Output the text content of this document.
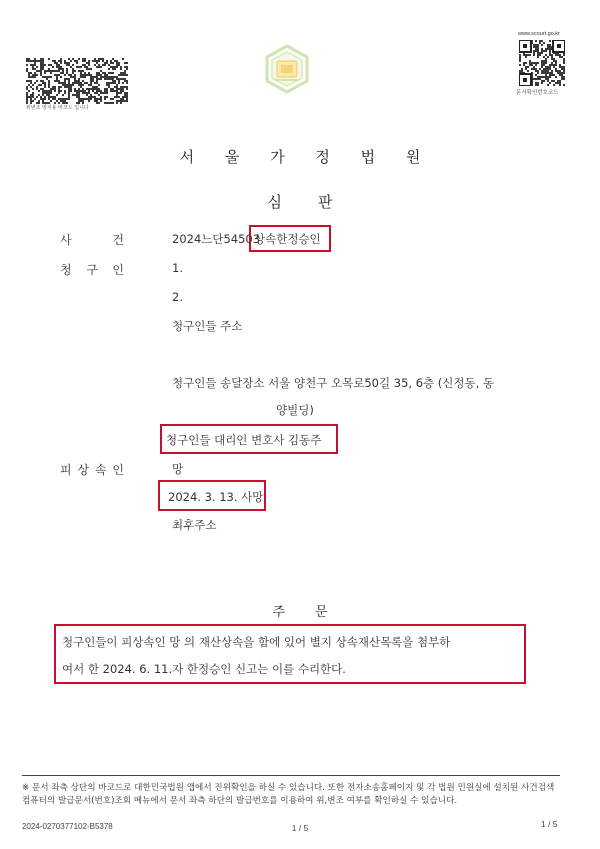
위변조 방지용 바코드 입니다
www.scourt.go.kr
문서확인번호코드
서 울 가 정 법 원
심판
사	건	2024느단54503
상속한정승인
청 구 인	1.
2.
청구인들 주소
청구인들 송달장소 서울 양천구 오목로50길 35, 6층 (신정동, 동
양빌딩)
청구인들 대리인 변호사 김동주
피 상 속 인	망
2024. 3. 13. 사망
최후주소
주문
청구인들이 피상속인 망 의 재산상속을 함에 있어 별지 상속재산목록을 첨부하
여서 한 2024. 6. 11.자 한정승인 신고는 이를 수리한다.
※ 문서 좌측 상단의 바코드로 대한민국법원 앱에서 진위확인을 하실 수 있습니다. 또한 전자소송홈페이지 및 각 법원 민원실에 설치된 사건검색 컴퓨터의 발급문서(번호)조회 메뉴에서 문서 좌측 하단의 발급번호를 이용하여 위,변조 여부를 확인하실 수 있습니다.
2024-0270377102-B5378	1 / 5	1 / 5
